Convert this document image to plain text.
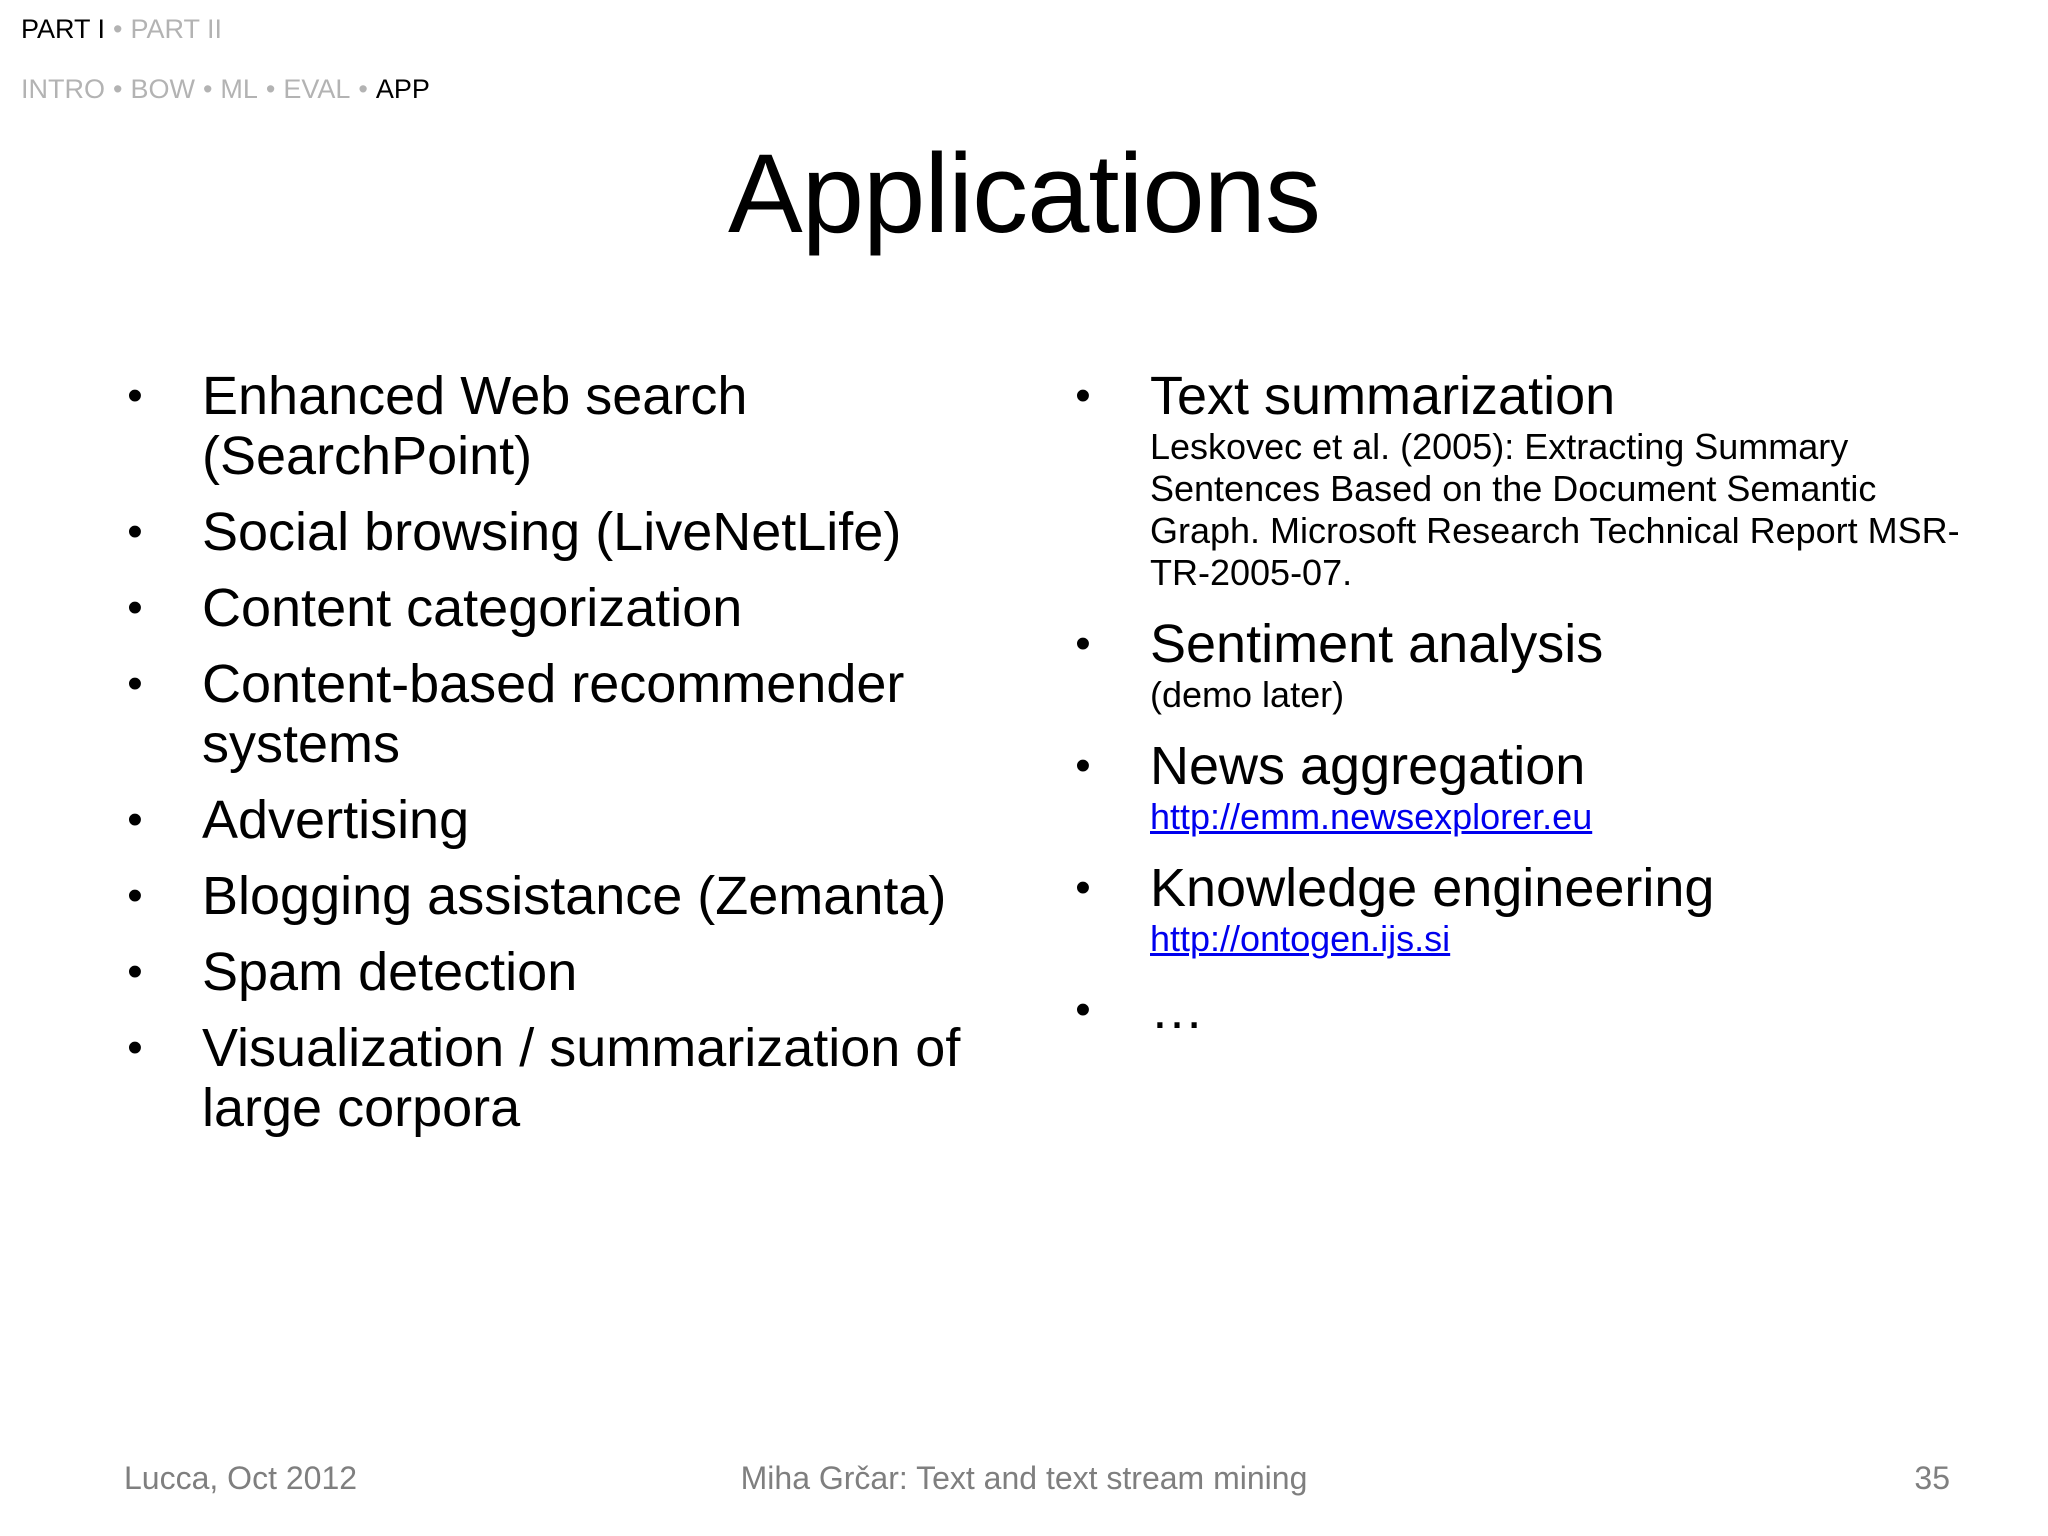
PART I • PART II
INTRO • BOW • ML • EVAL • APP
Applications
• Enhanced Web search (SearchPoint)
• Social browsing (LiveNetLife)
• Content categorization
• Content-based recommender systems
• Advertising
• Blogging assistance (Zemanta)
• Spam detection
• Visualization / summarization of large corpora
• Text summarization
Leskovec et al. (2005): Extracting Summary Sentences Based on the Document Semantic Graph. Microsoft Research Technical Report MSR-TR-2005-07.
• Sentiment analysis
(demo later)
• News aggregation
http://emm.newsexplorer.eu
• Knowledge engineering
http://ontogen.ijs.si
• …
Lucca, Oct 2012	Miha Grčar: Text and text stream mining	35
